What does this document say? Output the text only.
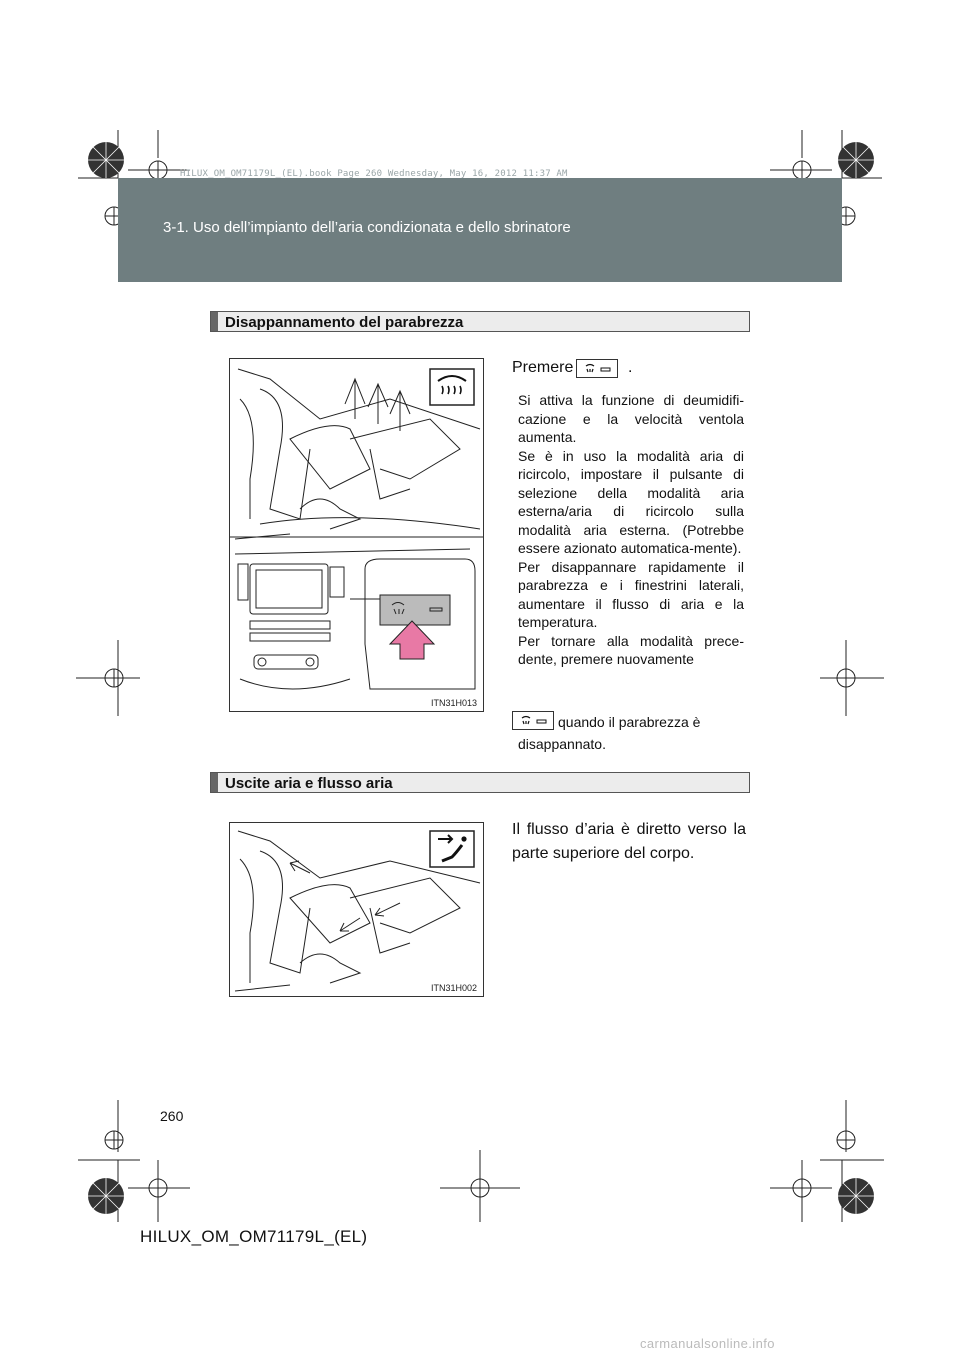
HILUX_OM_OM71179L_(EL).book Page 260 Wednesday, May 16, 2012 11:37 AM
3-1. Uso dell’impianto dell’aria condizionata e dello sbrinatore
Disappannamento del parabrezza
ITN31H013
Premere	.

Si attiva la funzione di deumidifi-cazione e la velocità ventola aumenta.

Se è in uso la modalità aria di ricircolo, impostare il pulsante di selezione della modalità aria esterna/aria di ricircolo sulla modalità aria esterna. (Potrebbe essere azionato automatica-mente).

Per disappannare rapidamente il parabrezza e i finestrini laterali, aumentare il flusso di aria e la temperatura.

Per tornare alla modalità prece-dente, premere nuovamente

quando il parabrezza è
disappannato.
Uscite aria e flusso aria
ITN31H002
Il flusso d’aria è diretto verso la parte superiore del corpo.
260
HILUX_OM_OM71179L_(EL)
carmanualsonline.info
